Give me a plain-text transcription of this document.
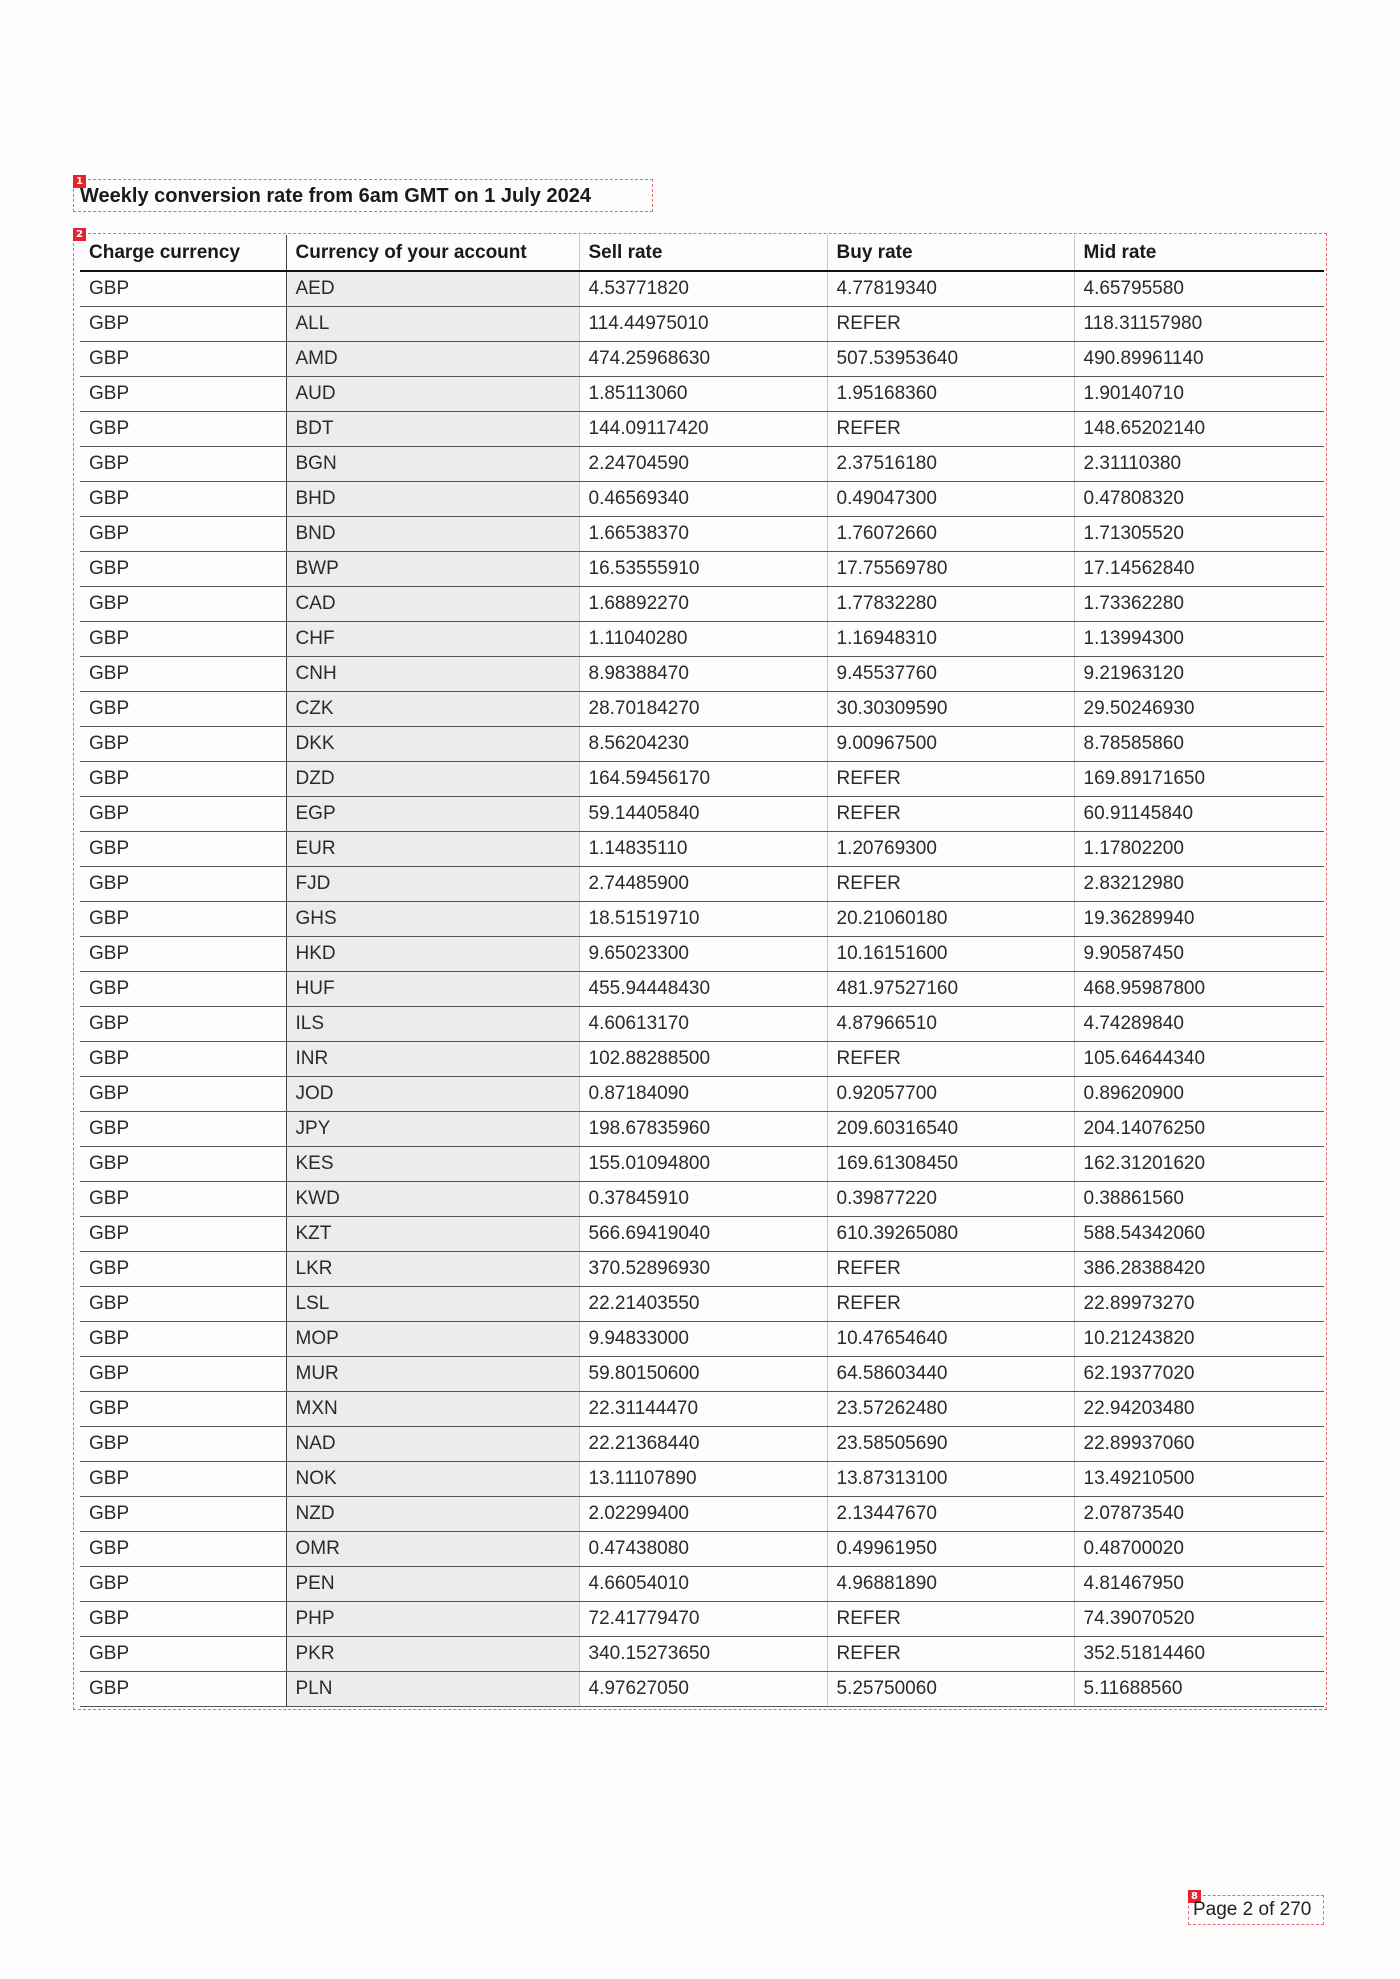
1
2
8
Weekly conversion rate from 6am GMT on 1 July 2024
Charge currency	Currency of your account	Sell rate	Buy rate	Mid rate
GBP	AED	4.53771820	4.77819340	4.65795580
GBP	ALL	114.44975010	REFER	118.31157980
GBP	AMD	474.25968630	507.53953640	490.89961140
GBP	AUD	1.85113060	1.95168360	1.90140710
GBP	BDT	144.09117420	REFER	148.65202140
GBP	BGN	2.24704590	2.37516180	2.31110380
GBP	BHD	0.46569340	0.49047300	0.47808320
GBP	BND	1.66538370	1.76072660	1.71305520
GBP	BWP	16.53555910	17.75569780	17.14562840
GBP	CAD	1.68892270	1.77832280	1.73362280
GBP	CHF	1.11040280	1.16948310	1.13994300
GBP	CNH	8.98388470	9.45537760	9.21963120
GBP	CZK	28.70184270	30.30309590	29.50246930
GBP	DKK	8.56204230	9.00967500	8.78585860
GBP	DZD	164.59456170	REFER	169.89171650
GBP	EGP	59.14405840	REFER	60.91145840
GBP	EUR	1.14835110	1.20769300	1.17802200
GBP	FJD	2.74485900	REFER	2.83212980
GBP	GHS	18.51519710	20.21060180	19.36289940
GBP	HKD	9.65023300	10.16151600	9.90587450
GBP	HUF	455.94448430	481.97527160	468.95987800
GBP	ILS	4.60613170	4.87966510	4.74289840
GBP	INR	102.88288500	REFER	105.64644340
GBP	JOD	0.87184090	0.92057700	0.89620900
GBP	JPY	198.67835960	209.60316540	204.14076250
GBP	KES	155.01094800	169.61308450	162.31201620
GBP	KWD	0.37845910	0.39877220	0.38861560
GBP	KZT	566.69419040	610.39265080	588.54342060
GBP	LKR	370.52896930	REFER	386.28388420
GBP	LSL	22.21403550	REFER	22.89973270
GBP	MOP	9.94833000	10.47654640	10.21243820
GBP	MUR	59.80150600	64.58603440	62.19377020
GBP	MXN	22.31144470	23.57262480	22.94203480
GBP	NAD	22.21368440	23.58505690	22.89937060
GBP	NOK	13.11107890	13.87313100	13.49210500
GBP	NZD	2.02299400	2.13447670	2.07873540
GBP	OMR	0.47438080	0.49961950	0.48700020
GBP	PEN	4.66054010	4.96881890	4.81467950
GBP	PHP	72.41779470	REFER	74.39070520
GBP	PKR	340.15273650	REFER	352.51814460
GBP	PLN	4.97627050	5.25750060	5.11688560
Page 2 of 270
